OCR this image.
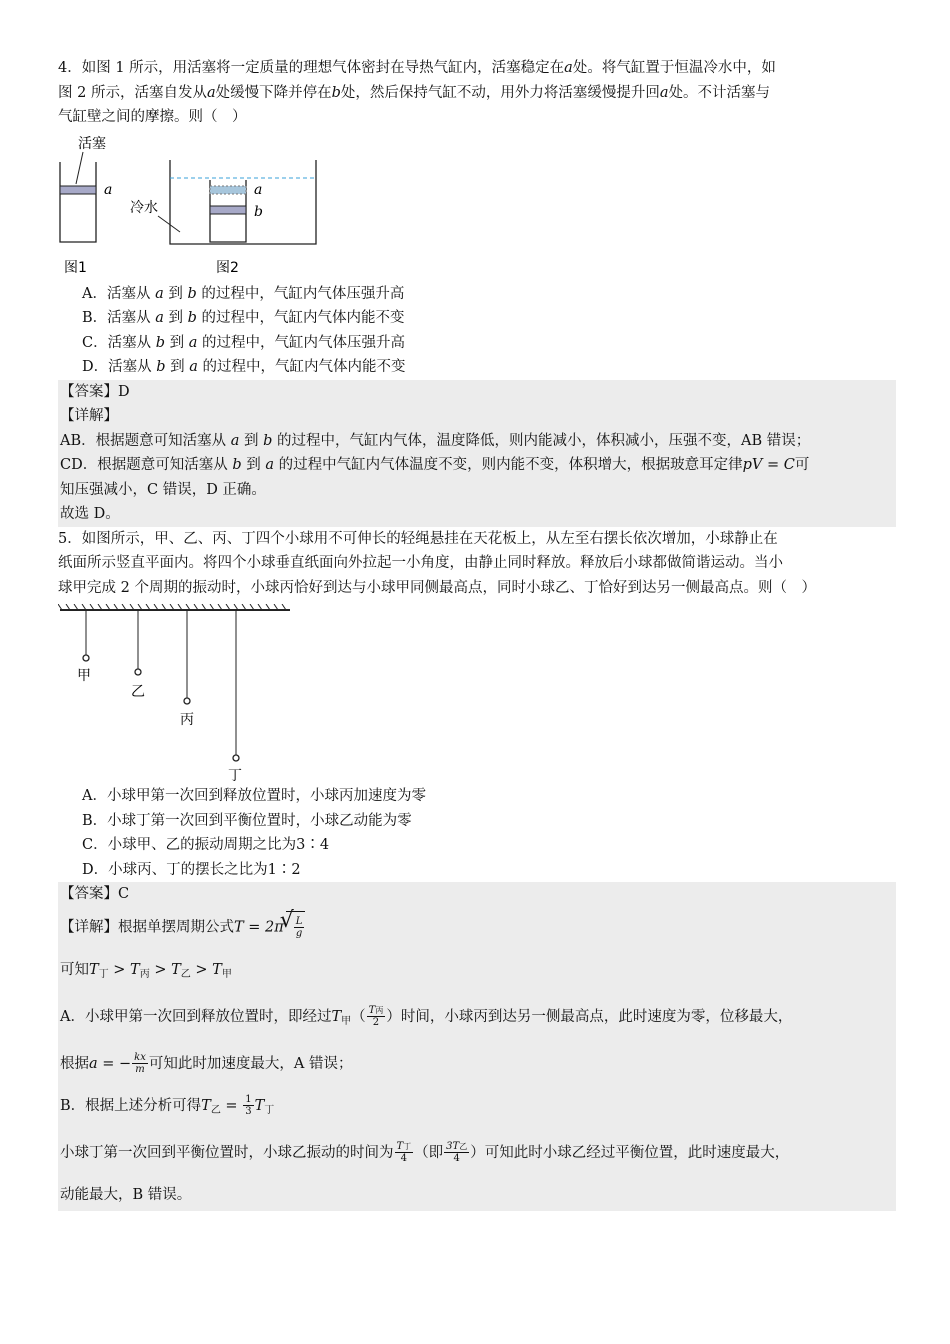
4．如图 1 所示，用活塞将一定质量的理想气体密封在导热气缸内，活塞稳定在a处。将气缸置于恒温冷水中，如
图 2 所示，活塞自发从a处缓慢下降并停在b处，然后保持气缸不动，用外力将活塞缓慢提升回a处。不计活塞与
气缸壁之间的摩擦。则（　）
活塞
a
图1
a
b
冷水
图2
A．活塞从 a 到 b 的过程中，气缸内气体压强升高
B．活塞从 a 到 b 的过程中，气缸内气体内能不变
C．活塞从 b 到 a 的过程中，气缸内气体压强升高
D．活塞从 b 到 a 的过程中，气缸内气体内能不变
【答案】D
【详解】
AB．根据题意可知活塞从 a 到 b 的过程中，气缸内气体，温度降低，则内能减小，体积减小，压强不变，AB 错误；
CD．根据题意可知活塞从 b 到 a 的过程中气缸内气体温度不变，则内能不变，体积增大，根据玻意耳定律pV = C可
知压强减小，C 错误，D 正确。
故选 D。
5．如图所示，甲、乙、丙、丁四个小球用不可伸长的轻绳悬挂在天花板上，从左至右摆长依次增加，小球静止在
纸面所示竖直平面内。将四个小球垂直纸面向外拉起一小角度，由静止同时释放。释放后小球都做简谐运动。当小
球甲完成 2 个周期的振动时，小球丙恰好到达与小球甲同侧最高点，同时小球乙、丁恰好到达另一侧最高点。则（　）
甲
乙
丙
丁
A．小球甲第一次回到释放位置时，小球丙加速度为零
B．小球丁第一次回到平衡位置时，小球乙动能为零
C．小球甲、乙的振动周期之比为3∶4
D．小球丙、丁的摆长之比为1∶2
【答案】C
【详解】根据单摆周期公式T = 2π
√ $\frac{L}{g}$
可知$T_丁 > T_丙 > T_乙 > T_甲$
A．小球甲第一次回到释放位置时，即经过$T_甲$（ T丙
2 ）时间，小球丙到达另一侧最高点，此时速度为零，位移最大，
根据a = − $\frac{kx}{m}$ 可知此时加速度最大，A 错误；
B．根据上述分析可得$T_乙 = \frac{1}{3} T_丁$
小球丁第一次回到平衡位置时，小球乙振动的时间为 T丁
4 （即 3T乙
4 ）可知此时小球乙经过平衡位置，此时速度最大，
动能最大，B 错误。
